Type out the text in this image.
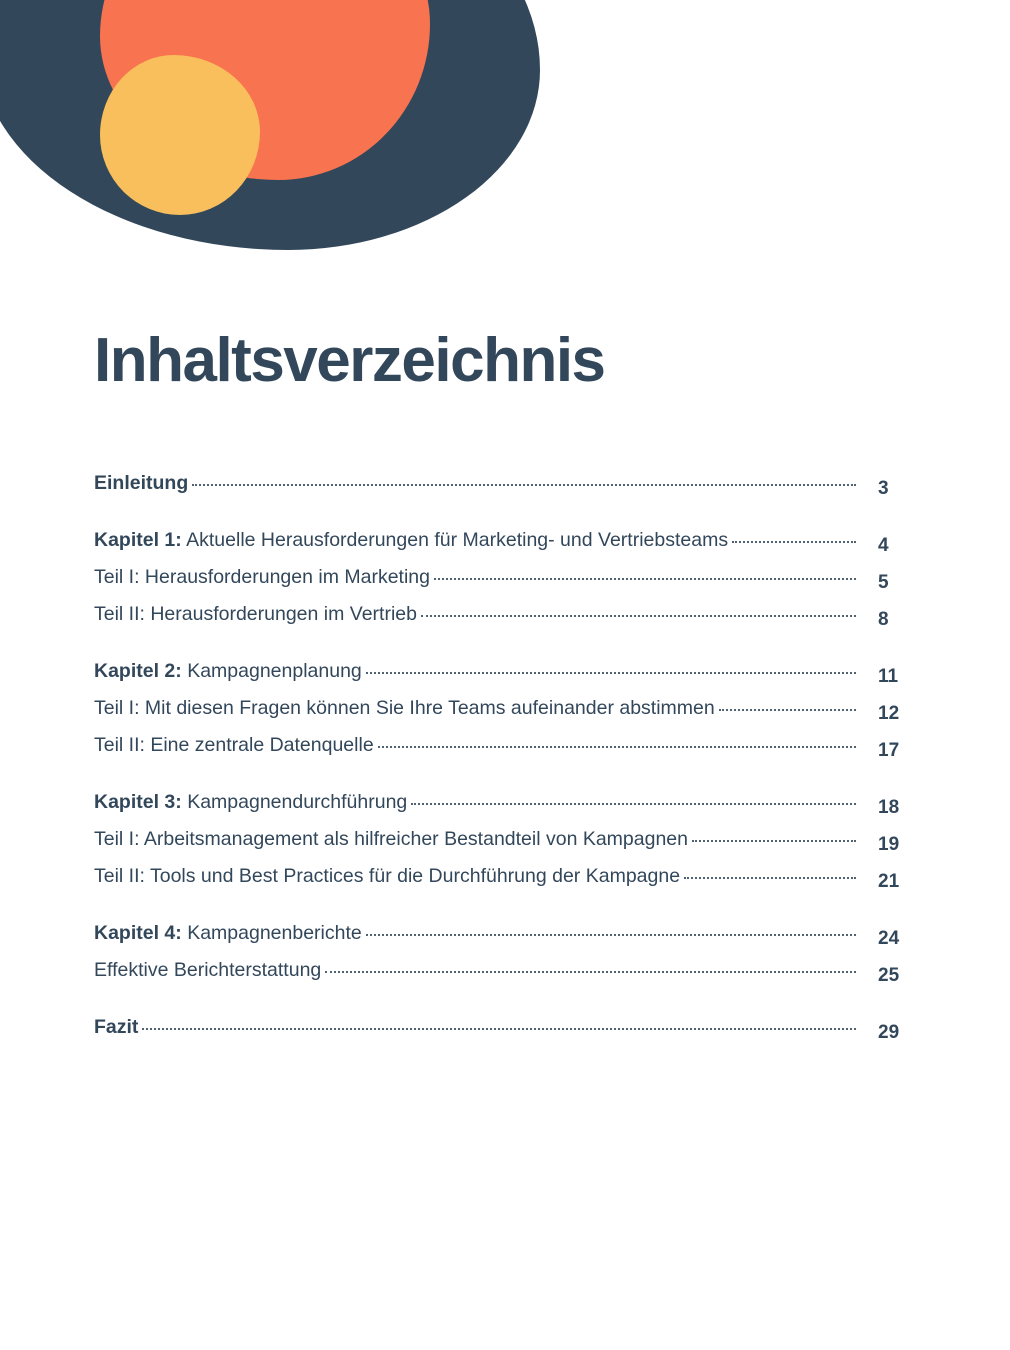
Inhaltsverzeichnis
Einleitung	3
Kapitel 1: Aktuelle Herausforderungen für Marketing- und Vertriebsteams	4
Teil I: Herausforderungen im Marketing	5
Teil II: Herausforderungen im Vertrieb	8
Kapitel 2: Kampagnenplanung	11
Teil I: Mit diesen Fragen können Sie Ihre Teams aufeinander abstimmen	12
Teil II: Eine zentrale Datenquelle	17
Kapitel 3: Kampagnendurchführung	18
Teil I: Arbeitsmanagement als hilfreicher Bestandteil von Kampagnen	19
Teil II: Tools und Best Practices für die Durchführung der Kampagne	21
Kapitel 4: Kampagnenberichte	24
Effektive Berichterstattung	25
Fazit	29
